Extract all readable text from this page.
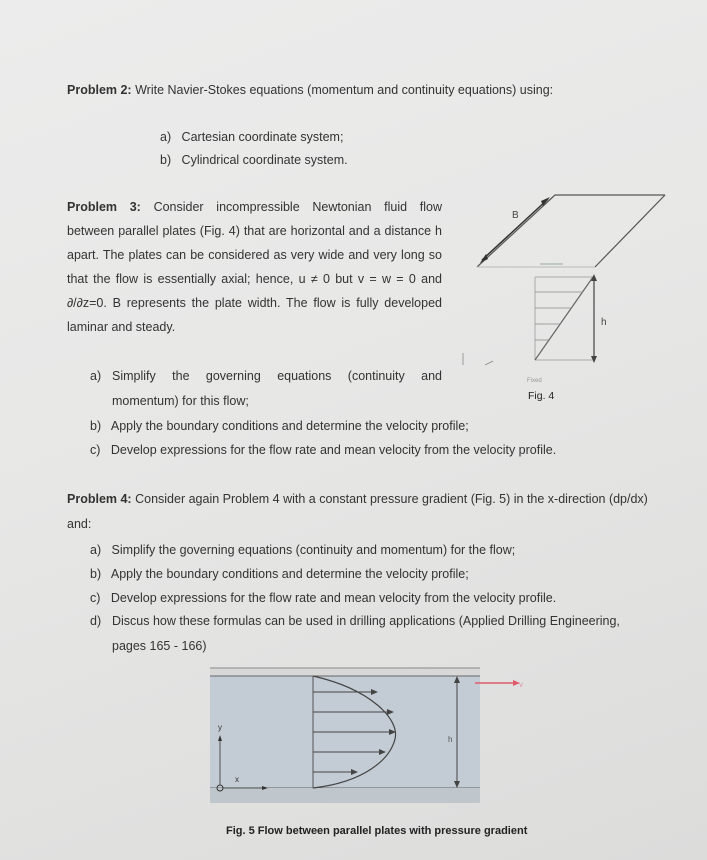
Problem 2: Write Navier-Stokes equations (momentum and continuity equations) using:
a) Cartesian coordinate system;
b) Cylindrical coordinate system.
Problem 3: Consider incompressible Newtonian fluid flow
between parallel plates (Fig. 4) that are horizontal and a distance h
apart. The plates can be considered as very wide and very long so
that the flow is essentially axial; hence, u ≠ 0 but v = w = 0 and
∂/∂z=0. B represents the plate width. The flow is fully developed
laminar and steady.
a) Simplify the governing equations (continuity and
momentum) for this flow;
b) Apply the boundary conditions and determine the velocity profile;
c) Develop expressions for the flow rate and mean velocity from the velocity profile.
B
h
Fixed
Fig. 4
Problem 4: Consider again Problem 4 with a constant pressure gradient (Fig. 5) in the x-direction (dp/dx)
and:
a) Simplify the governing equations (continuity and momentum) for the flow;
b) Apply the boundary conditions and determine the velocity profile;
c) Develop expressions for the flow rate and mean velocity from the velocity profile.
d) Discus how these formulas can be used in drilling applications (Applied Drilling Engineering,
pages 165 - 166)
V
h
y
x
Fig. 5 Flow between parallel plates with pressure gradient
